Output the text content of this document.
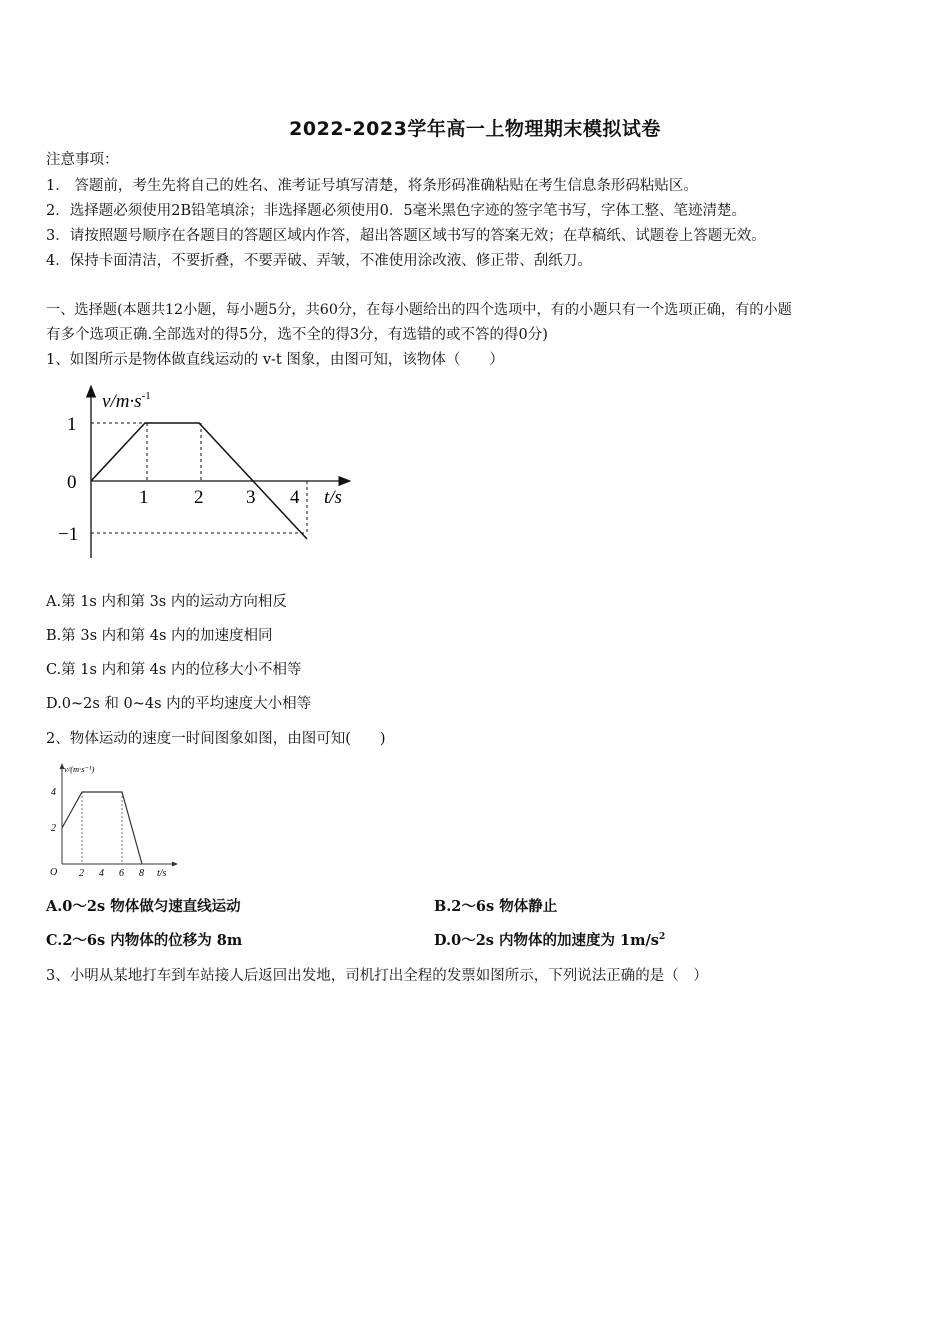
2022-2023学年高一上物理期末模拟试卷
注意事项：
1． 答题前，考生先将自己的姓名、准考证号填写清楚，将条形码准确粘贴在考生信息条形码粘贴区。
2．选择题必须使用2B铅笔填涂；非选择题必须使用0．5毫米黑色字迹的签字笔书写，字体工整、笔迹清楚。
3．请按照题号顺序在各题目的答题区域内作答，超出答题区域书写的答案无效；在草稿纸、试题卷上答题无效。
4．保持卡面清洁，不要折叠，不要弄破、弄皱，不准使用涂改液、修正带、刮纸刀。
一、选择题(本题共12小题，每小题5分，共60分，在每小题给出的四个选项中，有的小题只有一个选项正确，有的小题
有多个选项正确.全部选对的得5分，选不全的得3分，有选错的或不答的得0分)
1、如图所示是物体做直线运动的 v-t 图象，由图可知，该物体（　　）
$v/m\cdot s^{-1}$
1
0
−1
1 2 3 4 t/s
A.第 1s 内和第 3s 内的运动方向相反
B.第 3s 内和第 4s 内的加速度相同
C.第 1s 内和第 4s 内的位移大小不相等
D.0~2s 和 0~4s 内的平均速度大小相等
2、物体运动的速度一时间图象如图，由图可知(　　)
v/(m·s⁻¹)
4
2
O 2 4 6 8 t/s
A.0～2s 物体做匀速直线运动	B.2～6s 物体静止
C.2～6s 内物体的位移为 8m	D.0～2s 内物体的加速度为 $1m/s^2$
3、小明从某地打车到车站接人后返回出发地，司机打出全程的发票如图所示，下列说法正确的是（　）
